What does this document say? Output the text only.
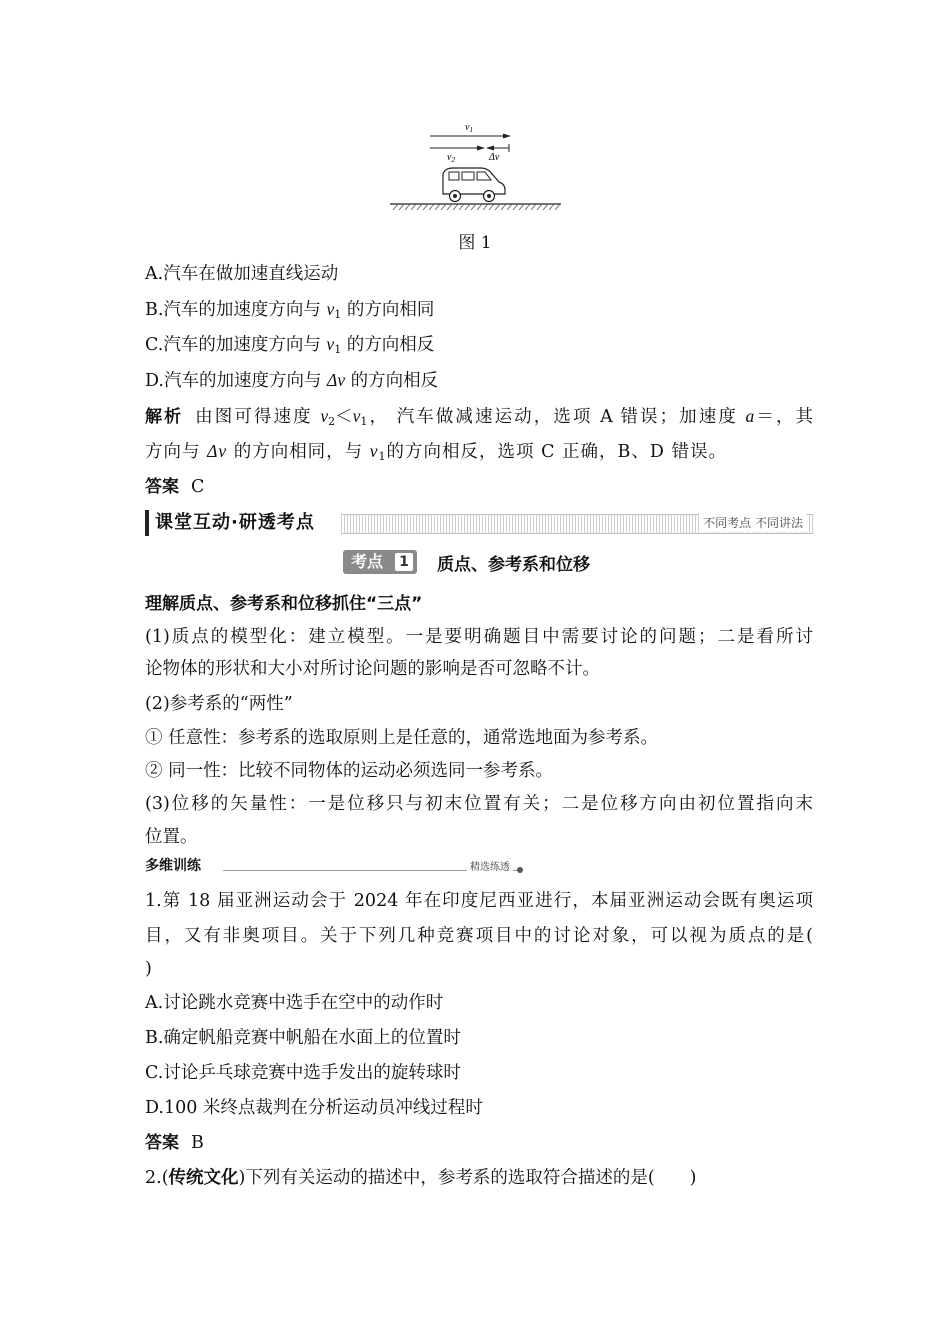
$v_1$
$v_2$	Δv
图 1
A.汽车在做加速直线运动
B.汽车的加速度方向与 $v_1$ 的方向相同
C.汽车的加速度方向与 $v_1$ 的方向相反
D.汽车的加速度方向与 Δv 的方向相反
解析 由图可得速度 $v_2<v_1$， 汽车做减速运动，选项 A 错误；加速度 a＝，其
方向与 Δv 的方向相同，与 $v_1$的方向相反，选项 C 正确，B、D 错误。
答案 C
课堂互动·研透考点	不同考点 不同讲法
考点 1 质点、参考系和位移
理解质点、参考系和位移抓住“三点”
(1)质点的模型化：建立模型。一是要明确题目中需要讨论的问题；二是看所讨
论物体的形状和大小对所讨论问题的影响是否可忽略不计。
(2)参考系的“两性”
① 任意性：参考系的选取原则上是任意的，通常选地面为参考系。
② 同一性：比较不同物体的运动必须选同一参考系。
(3)位移的矢量性：一是位移只与初末位置有关；二是位移方向由初位置指向末
位置。
多维训练	精选练透
1.第 18 届亚洲运动会于 2024 年在印度尼西亚进行，本届亚洲运动会既有奥运项
目，又有非奥项目。关于下列几种竞赛项目中的讨论对象，可以视为质点的是(
)
A.讨论跳水竞赛中选手在空中的动作时
B.确定帆船竞赛中帆船在水面上的位置时
C.讨论乒乓球竞赛中选手发出的旋转球时
D.100 米终点裁判在分析运动员冲线过程时
答案 B
2.(传统文化)下列有关运动的描述中，参考系的选取符合描述的是(　　)
